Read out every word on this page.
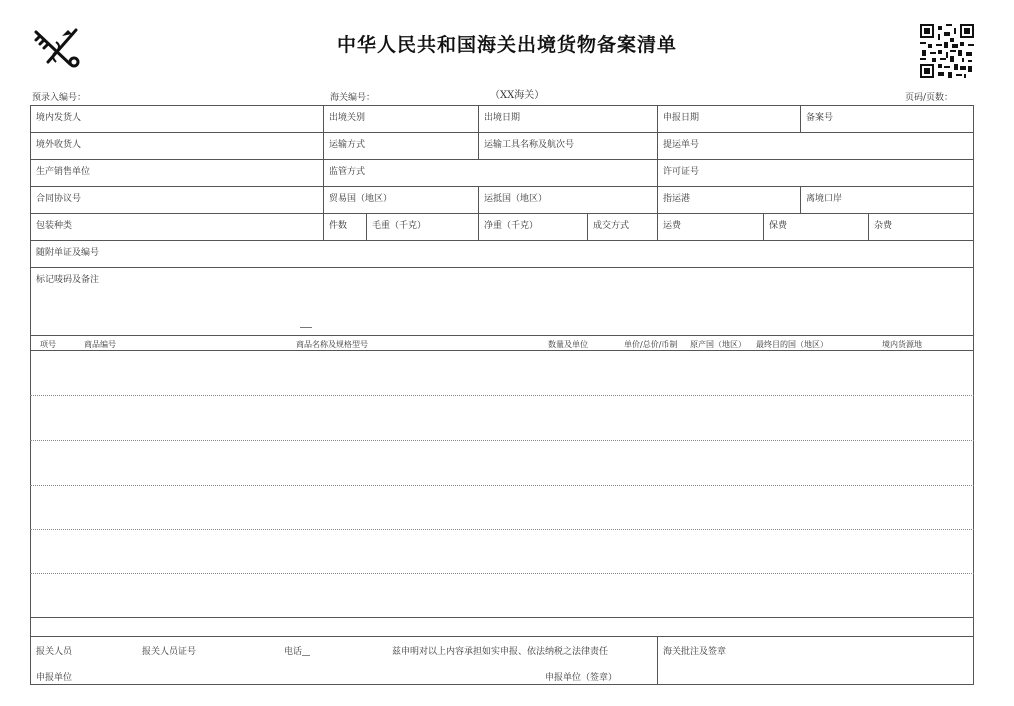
中华人民共和国海关出境货物备案清单
预录入编号：	海关编号：	（XX海关）	页码/页数：
境内发货人	出境关别	出境日期	申报日期	备案号
境外收货人	运输方式	运输工具名称及航次号	提运单号
生产销售单位	监管方式	许可证号
合同协议号	贸易国（地区）	运抵国（地区）	指运港	离境口岸
包装种类	件数	毛重（千克）	净重（千克）	成交方式	运费	保费	杂费
随附单证及编号
标记唛码及备注
项号	商品编号	商品名称及规格型号	数量及单位	单价/总价/币制 原产国（地区） 最终目的国（地区）	境内货源地
报关人员	报关人员证号	电话	兹申明对以上内容承担如实申报、依法纳税之法律责任	海关批注及签章
申报单位	申报单位（签章）
